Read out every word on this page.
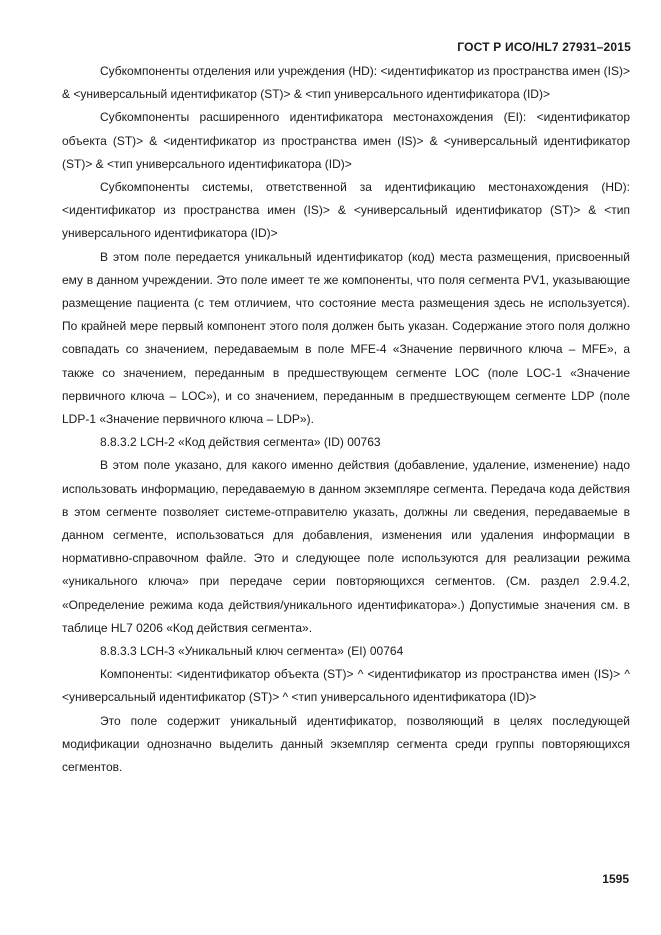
ГОСТ Р ИСО/HL7 27931–2015

Субкомпоненты отделения или учреждения (HD): <идентификатор из пространства имен (IS)> & <универсальный идентификатор (ST)> & <тип универсального идентификатора (ID)>

Субкомпоненты расширенного идентификатора местонахождения (EI): <идентификатор объекта (ST)> & <идентификатор из пространства имен (IS)> & <универсальный идентификатор (ST)> & <тип универсального идентификатора (ID)>

Субкомпоненты системы, ответственной за идентификацию местонахождения (HD): <идентификатор из пространства имен (IS)> & <универсальный идентификатор (ST)> & <тип универсального идентификатора (ID)>

В этом поле передается уникальный идентификатор (код) места размещения, присвоенный ему в данном учреждении. Это поле имеет те же компоненты, что поля сегмента PV1, указывающие размещение пациента (с тем отличием, что состояние места размещения здесь не используется). По крайней мере первый компонент этого поля должен быть указан. Содержание этого поля должно совпадать со значением, передаваемым в поле MFE-4 «Значение первичного ключа – MFE», а также со значением, переданным в предшествующем сегменте LOC (поле LOC-1 «Значение первичного ключа – LOC»), и со значением, переданным в предшествующем сегменте LDP (поле LDP-1 «Значение первичного ключа – LDP»).

8.8.3.2 LCH-2 «Код действия сегмента» (ID) 00763

В этом поле указано, для какого именно действия (добавление, удаление, изменение) надо использовать информацию, передаваемую в данном экземпляре сегмента. Передача кода действия в этом сегменте позволяет системе-отправителю указать, должны ли сведения, передаваемые в данном сегменте, использоваться для добавления, изменения или удаления информации в нормативно-справочном файле. Это и следующее поле используются для реализации режима «уникального ключа» при передаче серии повторяющихся сегментов. (См. раздел 2.9.4.2, «Определение режима кода действия/уникального идентификатора».) Допустимые значения см. в таблице HL7 0206 «Код действия сегмента».

8.8.3.3 LCH-3 «Уникальный ключ сегмента» (EI) 00764

Компоненты: <идентификатор объекта (ST)> ^ <идентификатор из пространства имен (IS)> ^ <универсальный идентификатор (ST)> ^ <тип универсального идентификатора (ID)>

Это поле содержит уникальный идентификатор, позволяющий в целях последующей модификации однозначно выделить данный экземпляр сегмента среди группы повторяющихся сегментов.

1595
